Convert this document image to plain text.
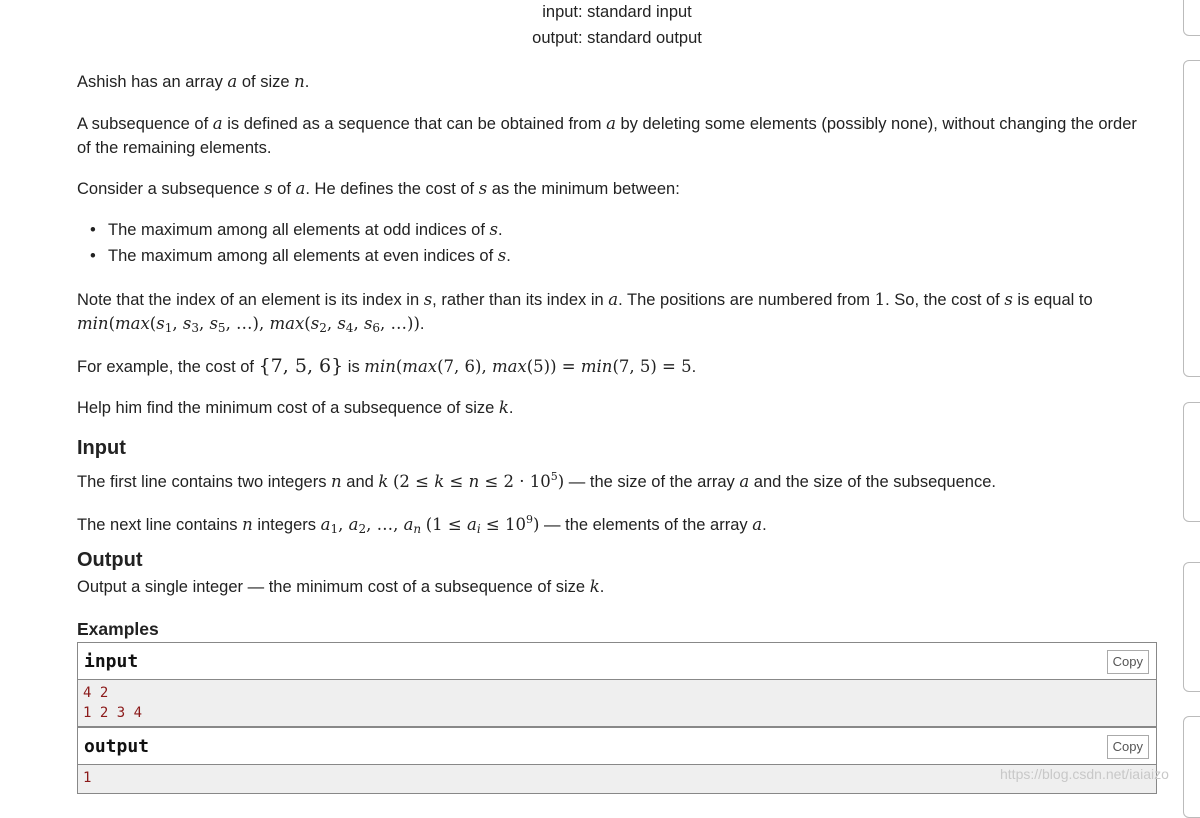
input: standard input
output: standard output
Ashish has an array a of size n.
A subsequence of a is defined as a sequence that can be obtained from a by deleting some elements (possibly none), without changing the order of the remaining elements.
Consider a subsequence s of a. He defines the cost of s as the minimum between:
• The maximum among all elements at odd indices of s.
• The maximum among all elements at even indices of s.
Note that the index of an element is its index in s, rather than its index in a. The positions are numbered from 1. So, the cost of s is equal to $\min(\max(s_1$, $s_3$, $s_5$, …), $\max(s_2$, $s_4$, $s_6$, …)).
For example, the cost of {7, 5, 6} is min(max(7, 6), max(5)) = min(7, 5) = 5.
Help him find the minimum cost of a subsequence of size k.
Input
The first line contains two integers n and k $(2 \le k \le n \le 2 \cdot 10^5)$ — the size of the array a and the size of the subsequence.
The next line contains n integers $a_1$, $a_2$, …, $a_n$ $(1 \le a_i \le 10^9)$ — the elements of the array a.
Output
Output a single integer — the minimum cost of a subsequence of size k.
Examples
input	Copy
4 2
1 2 3 4
output	Copy
1	https://blog.csdn.net/iaiaizo
